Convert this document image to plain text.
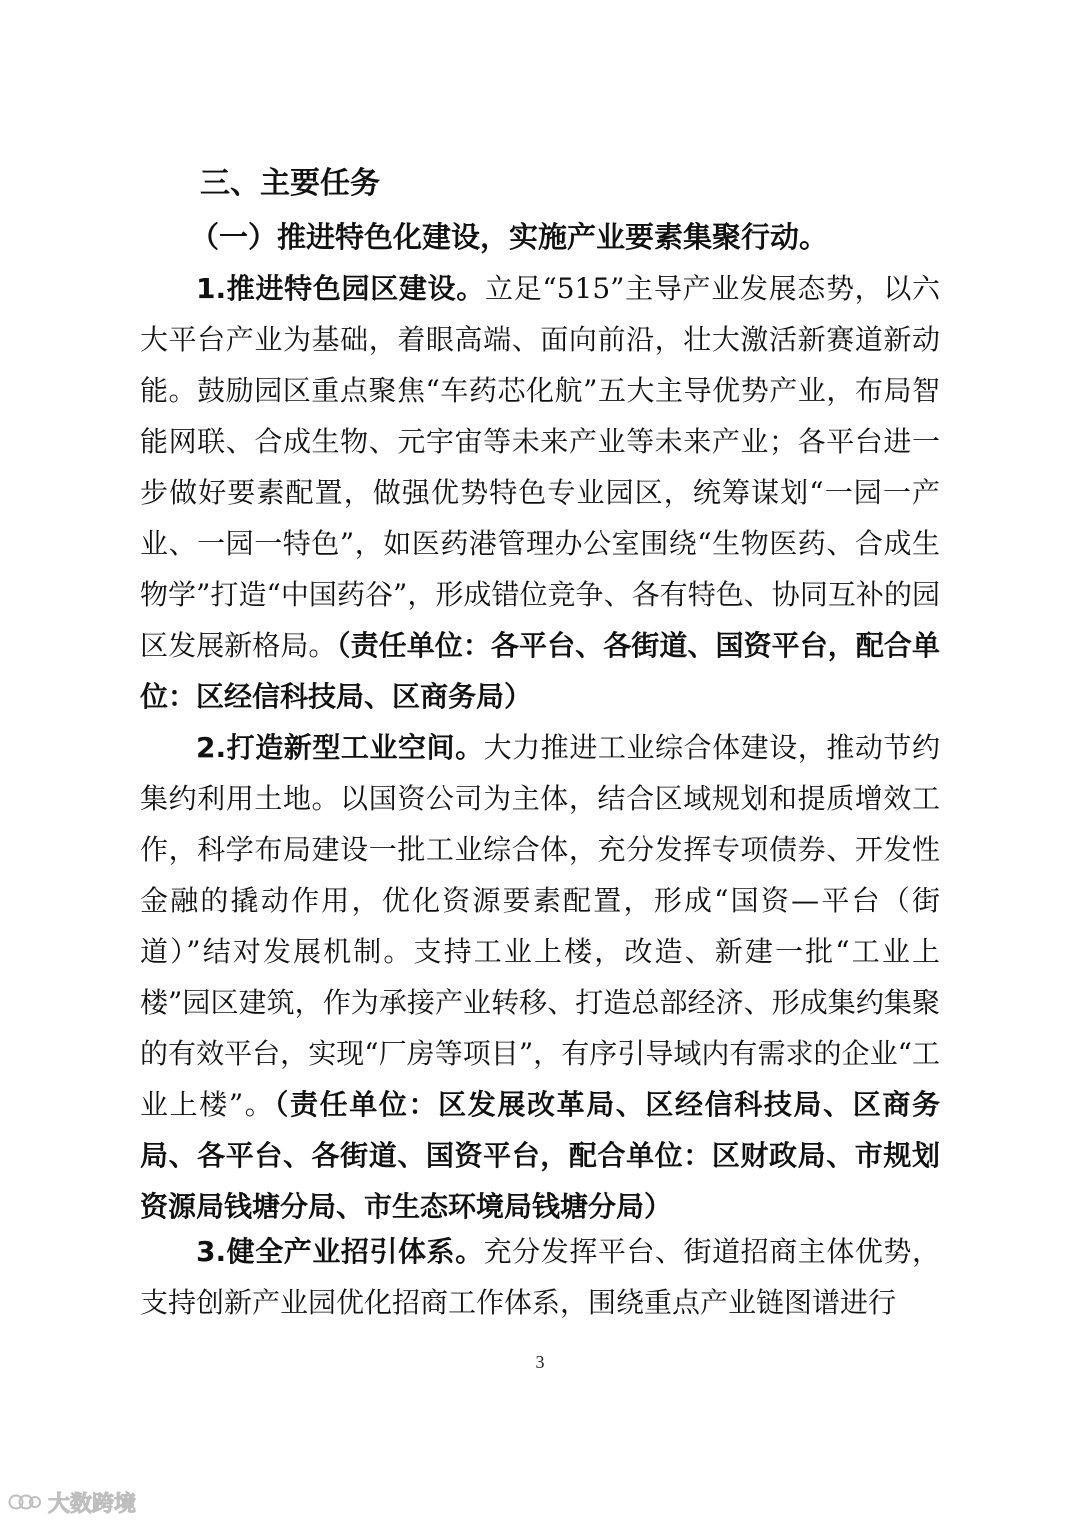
三、主要任务
（一）推进特色化建设，实施产业要素集聚行动。

1.推进特色园区建设。立足“515”主导产业发展态势，以六大平台产业为基础，着眼高端、面向前沿，壮大激活新赛道新动能。鼓励园区重点聚焦“车药芯化航”五大主导优势产业，布局智能网联、合成生物、元宇宙等未来产业等未来产业；各平台进一步做好要素配置，做强优势特色专业园区，统筹谋划“一园一产业、一园一特色”，如医药港管理办公室围绕“生物医药、合成生物学”打造“中国药谷”，形成错位竞争、各有特色、协同互补的园区发展新格局。（责任单位：各平台、各街道、国资平台，配合单位：区经信科技局、区商务局）

2.打造新型工业空间。大力推进工业综合体建设，推动节约集约利用土地。以国资公司为主体，结合区域规划和提质增效工作，科学布局建设一批工业综合体，充分发挥专项债券、开发性金融的撬动作用，优化资源要素配置，形成“国资—平台（街道）”结对发展机制。支持工业上楼，改造、新建一批“工业上楼”园区建筑，作为承接产业转移、打造总部经济、形成集约集聚的有效平台，实现“厂房等项目”，有序引导域内有需求的企业“工业上楼”。（责任单位：区发展改革局、区经信科技局、区商务局、各平台、各街道、国资平台，配合单位：区财政局、市规划资源局钱塘分局、市生态环境局钱塘分局）

3.健全产业招引体系。充分发挥平台、街道招商主体优势，支持创新产业园优化招商工作体系，围绕重点产业链图谱进行

3
大数跨境
